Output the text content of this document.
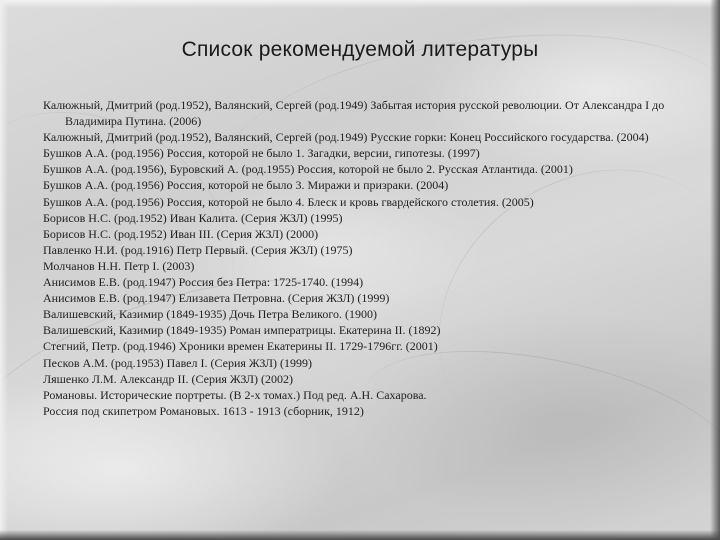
Список рекомендуемой литературы
Калюжный, Дмитрий (род.1952), Валянский, Сергей (род.1949) Забытая история русской революции. От Александра I до Владимира Путина. (2006)
Калюжный, Дмитрий (род.1952), Валянский, Сергей (род.1949) Русские горки: Конец Российского государства. (2004)
Бушков А.А. (род.1956) Россия, которой не было 1. Загадки, версии, гипотезы. (1997)
Бушков А.А. (род.1956), Буровский А. (род.1955) Россия, которой не было 2. Русская Атлантида. (2001)
Бушков А.А. (род.1956) Россия, которой не было 3. Миражи и призраки. (2004)
Бушков А.А. (род.1956) Россия, которой не было 4. Блеск и кровь гвардейского столетия. (2005)
Борисов Н.С. (род.1952) Иван Калита. (Серия ЖЗЛ) (1995)
Борисов Н.С. (род.1952) Иван III. (Серия ЖЗЛ) (2000)
Павленко Н.И. (род.1916) Петр Первый. (Серия ЖЗЛ) (1975)
Молчанов Н.Н. Петр I. (2003)
Анисимов Е.В. (род.1947) Россия без Петра: 1725-1740. (1994)
Анисимов Е.В. (род.1947) Елизавета Петровна. (Серия ЖЗЛ) (1999)
Валишевский, Казимир (1849-1935) Дочь Петра Великого. (1900)
Валишевский, Казимир (1849-1935) Роман императрицы. Екатерина II. (1892)
Стегний, Петр. (род.1946) Хроники времен Екатерины II. 1729-1796гг. (2001)
Песков А.М. (род.1953) Павел I. (Серия ЖЗЛ) (1999)
Ляшенко Л.М. Александр II. (Серия ЖЗЛ) (2002)
Романовы. Исторические портреты. (В 2-х томах.) Под ред. А.Н. Сахарова.
Россия под скипетром Романовых. 1613 - 1913 (сборник, 1912)
